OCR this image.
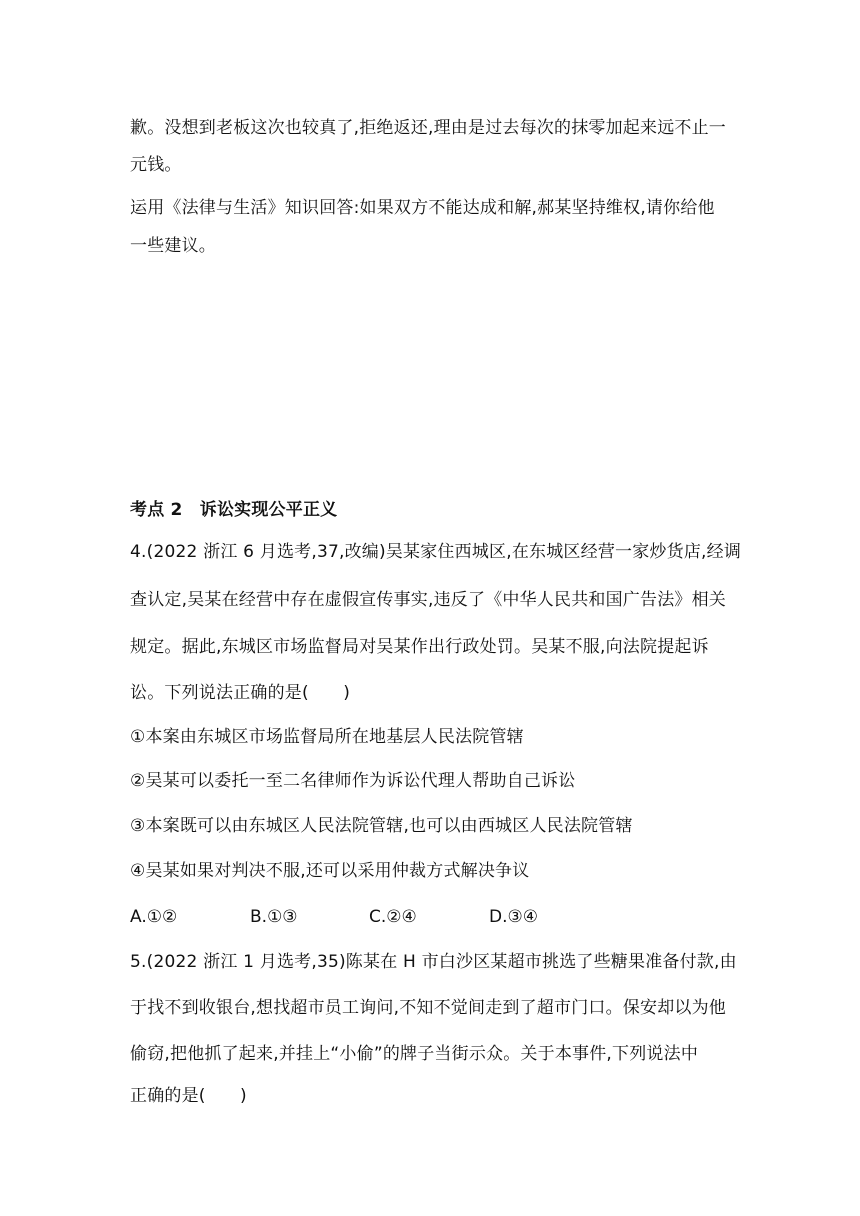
歉。没想到老板这次也较真了,拒绝返还,理由是过去每次的抹零加起来远不止一
元钱。
运用《法律与生活》知识回答:如果双方不能达成和解,郝某坚持维权,请你给他
一些建议。
考点 2　诉讼实现公平正义
4.(2022 浙江 6 月选考,37,改编)吴某家住西城区,在东城区经营一家炒货店,经调
查认定,吴某在经营中存在虚假宣传事实,违反了《中华人民共和国广告法》相关
规定。据此,东城区市场监督局对吴某作出行政处罚。吴某不服,向法院提起诉
讼。下列说法正确的是(　　)
①本案由东城区市场监督局所在地基层人民法院管辖
②吴某可以委托一至二名律师作为诉讼代理人帮助自己诉讼
③本案既可以由东城区人民法院管辖,也可以由西城区人民法院管辖
④吴某如果对判决不服,还可以采用仲裁方式解决争议
A.①②	B.①③	C.②④	D.③④
5.(2022 浙江 1 月选考,35)陈某在 H 市白沙区某超市挑选了些糖果准备付款,由
于找不到收银台,想找超市员工询问,不知不觉间走到了超市门口。保安却以为他
偷窃,把他抓了起来,并挂上“小偷”的牌子当街示众。关于本事件,下列说法中
正确的是(　　)
